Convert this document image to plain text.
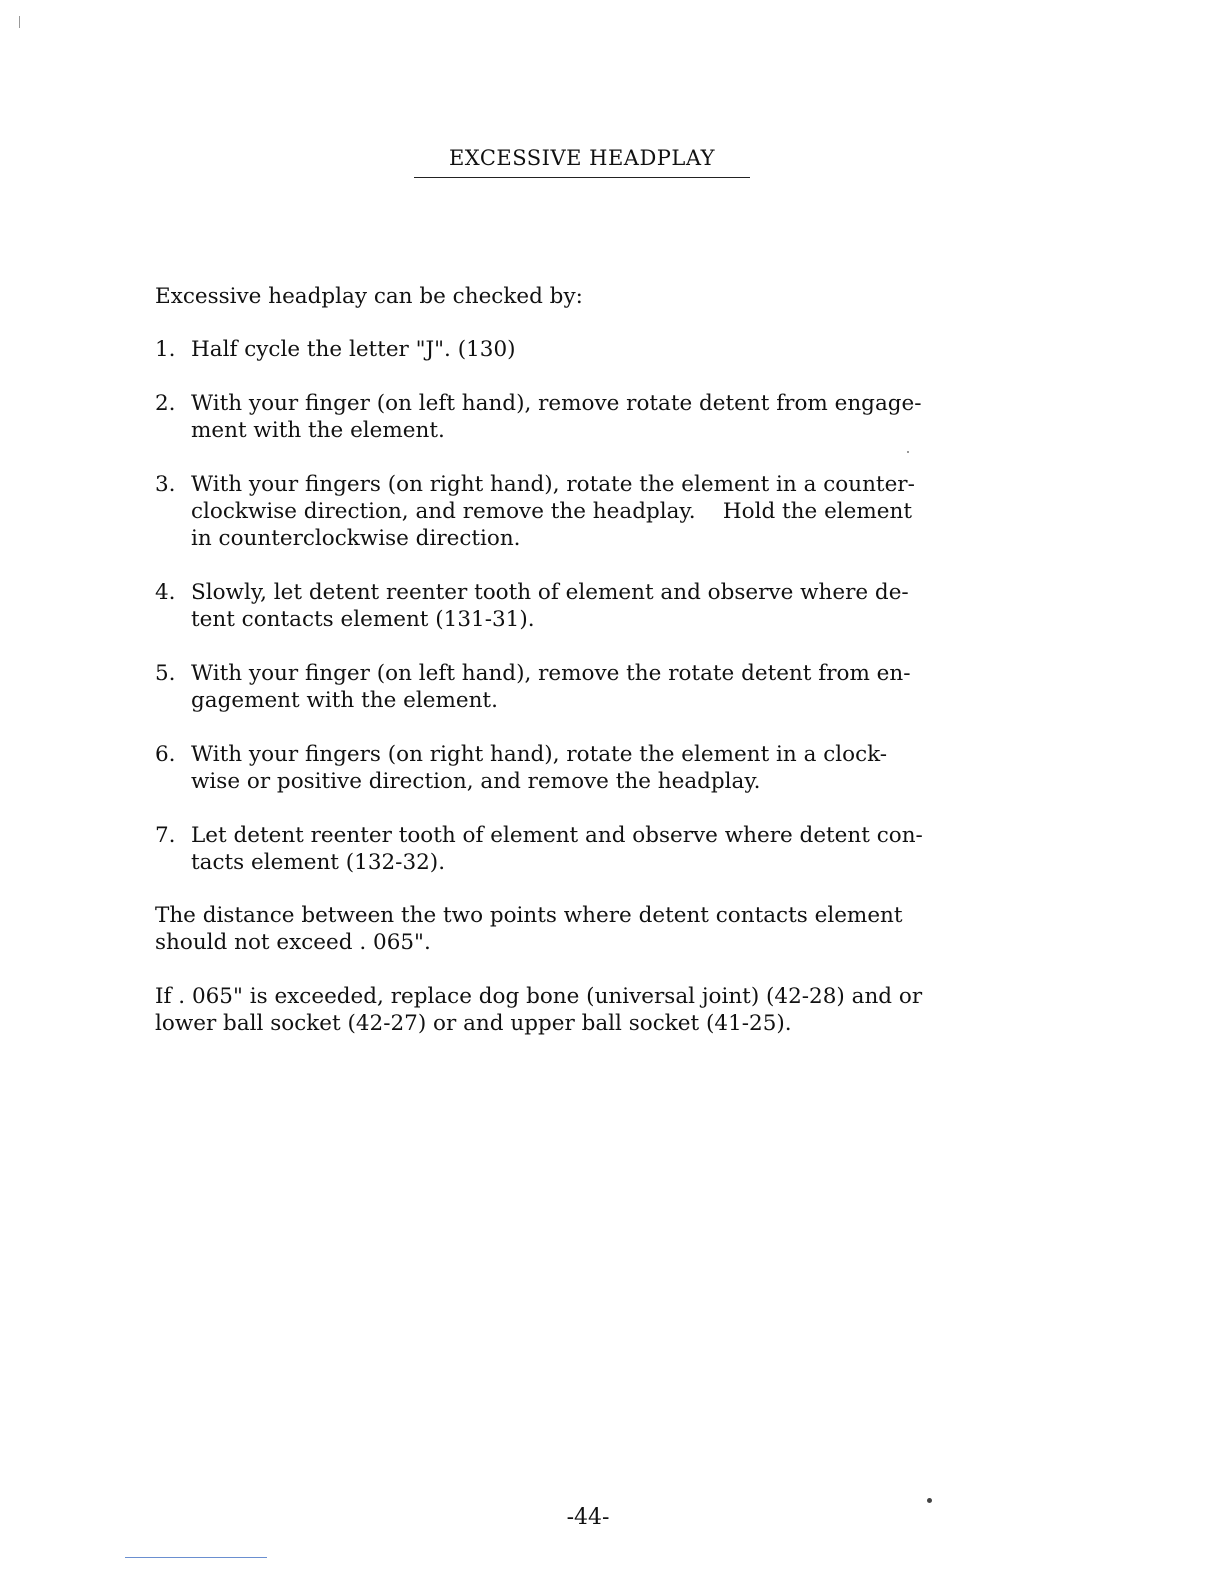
EXCESSIVE HEADPLAY
Excessive headplay can be checked by:
1. Half cycle the letter "J". (130)
2. With your finger (on left hand), remove rotate detent from engage-
ment with the element.
3. With your fingers (on right hand), rotate the element in a counter-
clockwise direction, and remove the headplay.    Hold the element
in counterclockwise direction.
4. Slowly, let detent reenter tooth of element and observe where de-
tent contacts element (131-31).
5. With your finger (on left hand), remove the rotate detent from en-
gagement with the element.
6. With your fingers (on right hand), rotate the element in a clock-
wise or positive direction, and remove the headplay.
7. Let detent reenter tooth of element and observe where detent con-
tacts element (132-32).
The distance between the two points where detent contacts element
should not exceed . 065".
If . 065" is exceeded, replace dog bone (universal joint) (42-28) and or
lower ball socket (42-27) or and upper ball socket (41-25).
-44-
